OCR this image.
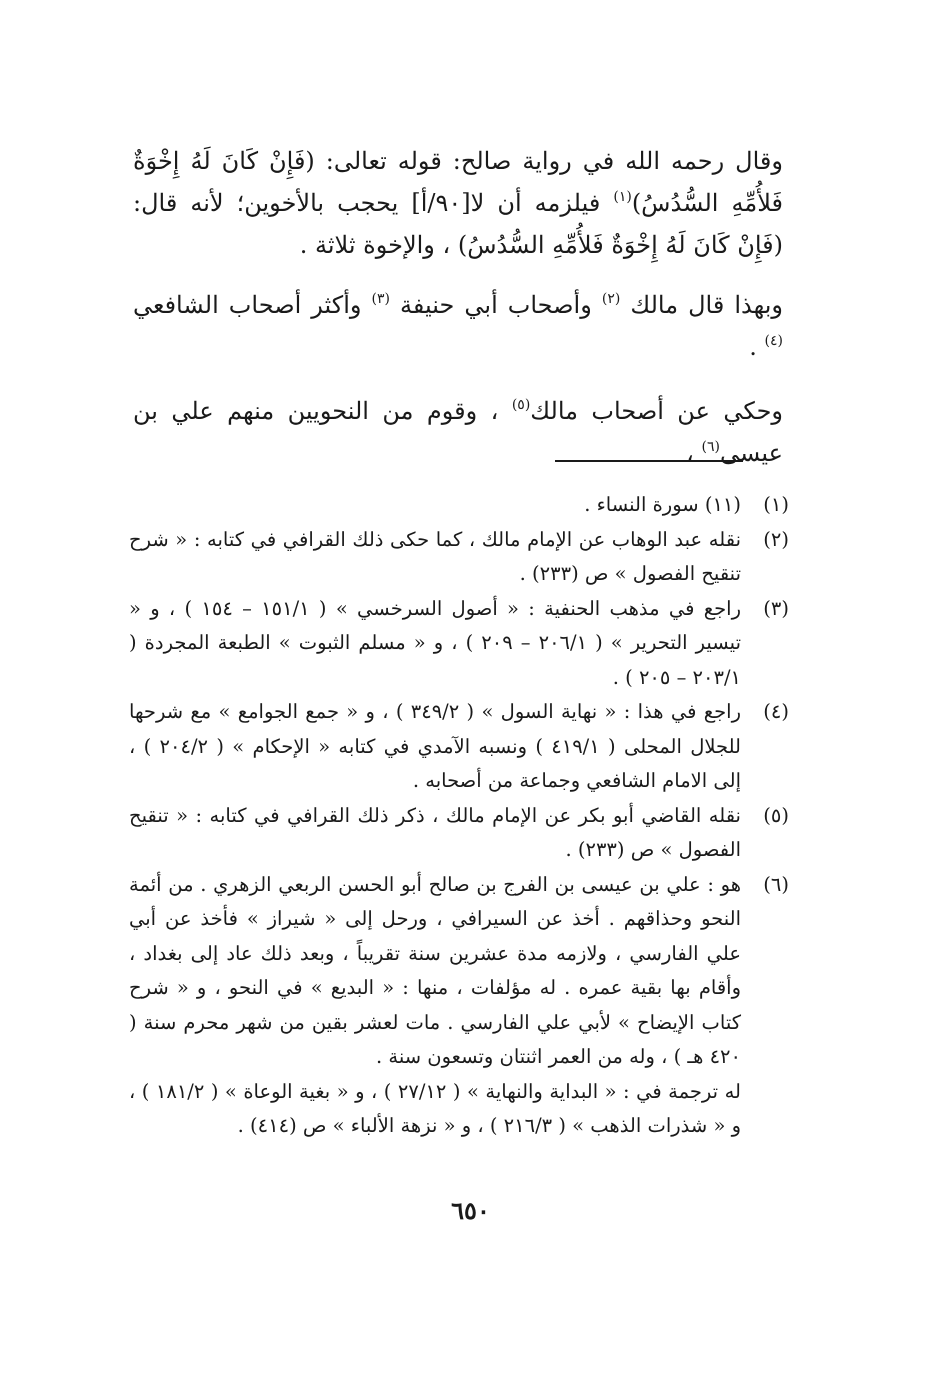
وقال رحمه الله في رواية صالح: قوله تعالى: (فَإِنْ كَانَ لَهُ إِخْوَةٌ فَلأُمِّهِ السُّدُسُ)$^{(١)}$ فيلزمه أن لا[٩٠/أ] يحجب بالأخوين؛ لأنه قال: (فَإِنْ كَانَ لَهُ إِخْوَةٌ فَلأُمِّهِ السُّدُسُ) ، والإخوة ثلاثة .

وبهذا قال مالك $^{(٢)}$ وأصحاب أبي حنيفة $^{(٣)}$ وأكثر أصحاب الشافعي $^{(٤)}$ .

وحكي عن أصحاب مالك$^{(٥)}$ ، وقوم من النحويين منهم علي بن عيسى$^{(٦)}$ ،

(١)
(١١) سورة النساء .
(٢)
نقله عبد الوهاب عن الإمام مالك ، كما حكى ذلك القرافي في كتابه : « شرح تنقيح الفصول » ص (٢٣٣) .
(٣)
راجع في مذهب الحنفية : « أصول السرخسي » ( ١٥١/١ – ١٥٤ ) ، و « تيسير التحرير » ( ٢٠٦/١ – ٢٠٩ ) ، و « مسلم الثبوت » الطبعة المجردة ( ٢٠٣/١ – ٢٠٥ ) .
(٤)
راجع في هذا : « نهاية السول » ( ٣٤٩/٢ ) ، و « جمع الجوامع » مع شرحها للجلال المحلى ( ٤١٩/١ ) ونسبه الآمدي في كتابه « الإحكام » ( ٢٠٤/٢ ) ، إلى الامام الشافعي وجماعة من أصحابه .
(٥)
نقله القاضي أبو بكر عن الإمام مالك ، ذكر ذلك القرافي في كتابه : « تنقيح الفصول » ص (٢٣٣) .
(٦)
هو : علي بن عيسى بن الفرج بن صالح أبو الحسن الربعي الزهري . من أئمة النحو وحذاقهم . أخذ عن السيرافي ، ورحل إلى « شيراز » فأخذ عن أبي علي الفارسي ، ولازمه مدة عشرين سنة تقريباً ، وبعد ذلك عاد إلى بغداد ، وأقام بها بقية عمره . له مؤلفات ، منها : « البديع » في النحو ، و « شرح كتاب الإيضاح » لأبي علي الفارسي . مات لعشر بقين من شهر محرم سنة ( ٤٢٠ هـ ) ، وله من العمر اثنتان وتسعون سنة .
له ترجمة في : « البداية والنهاية » ( ٢٧/١٢ ) ، و « بغية الوعاة » ( ١٨١/٢ ) ، و « شذرات الذهب » ( ٢١٦/٣ ) ، و « نزهة الألباء » ص (٤١٤) .
٦٥٠
